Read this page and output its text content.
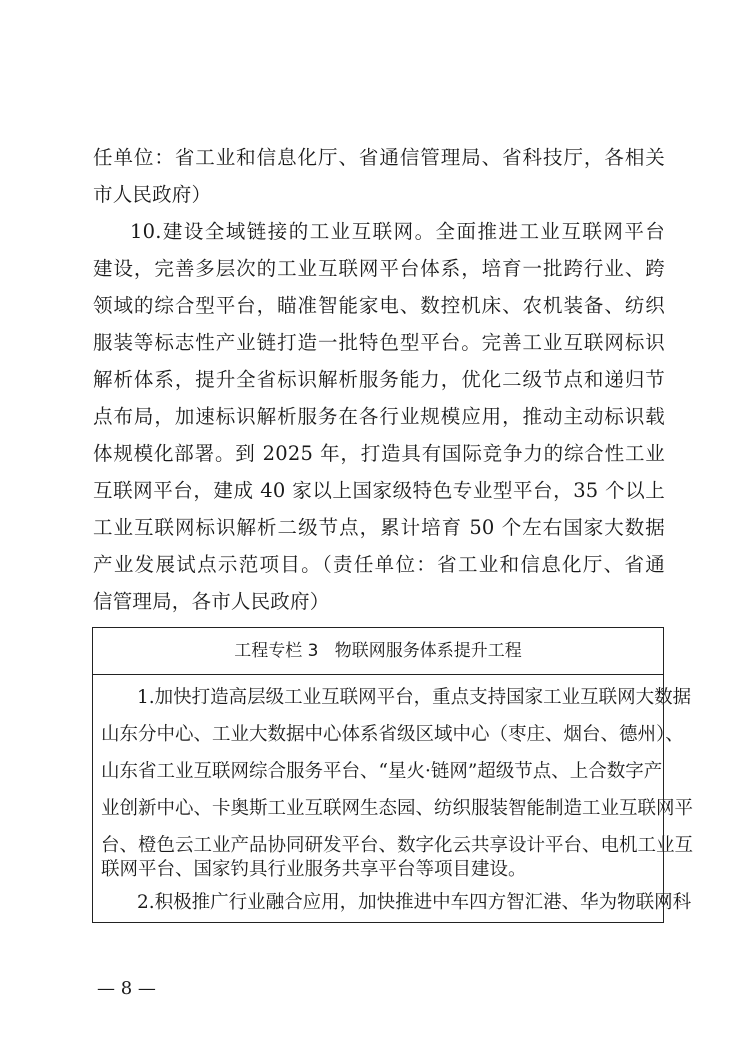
任单位：省工业和信息化厅、省通信管理局、省科技厅，各相关
市人民政府）
10.建设全域链接的工业互联网。全面推进工业互联网平台
建设，完善多层次的工业互联网平台体系，培育一批跨行业、跨
领域的综合型平台，瞄准智能家电、数控机床、农机装备、纺织
服装等标志性产业链打造一批特色型平台。完善工业互联网标识
解析体系，提升全省标识解析服务能力，优化二级节点和递归节
点布局，加速标识解析服务在各行业规模应用，推动主动标识载
体规模化部署。到 2025 年，打造具有国际竞争力的综合性工业
互联网平台，建成 40 家以上国家级特色专业型平台，35 个以上
工业互联网标识解析二级节点，累计培育 50 个左右国家大数据
产业发展试点示范项目。（责任单位：省工业和信息化厅、省通
信管理局，各市人民政府）
工程专栏 3   物联网服务体系提升工程
1.加快打造高层级工业互联网平台，重点支持国家工业互联网大数据
山东分中心、工业大数据中心体系省级区域中心（枣庄、烟台、德州）、
山东省工业互联网综合服务平台、“星火·链网”超级节点、上合数字产
业创新中心、卡奥斯工业互联网生态园、纺织服装智能制造工业互联网平
台、橙色云工业产品协同研发平台、数字化云共享设计平台、电机工业互
联网平台、国家钓具行业服务共享平台等项目建设。
2.积极推广行业融合应用，加快推进中车四方智汇港、华为物联网科
— 8 —
